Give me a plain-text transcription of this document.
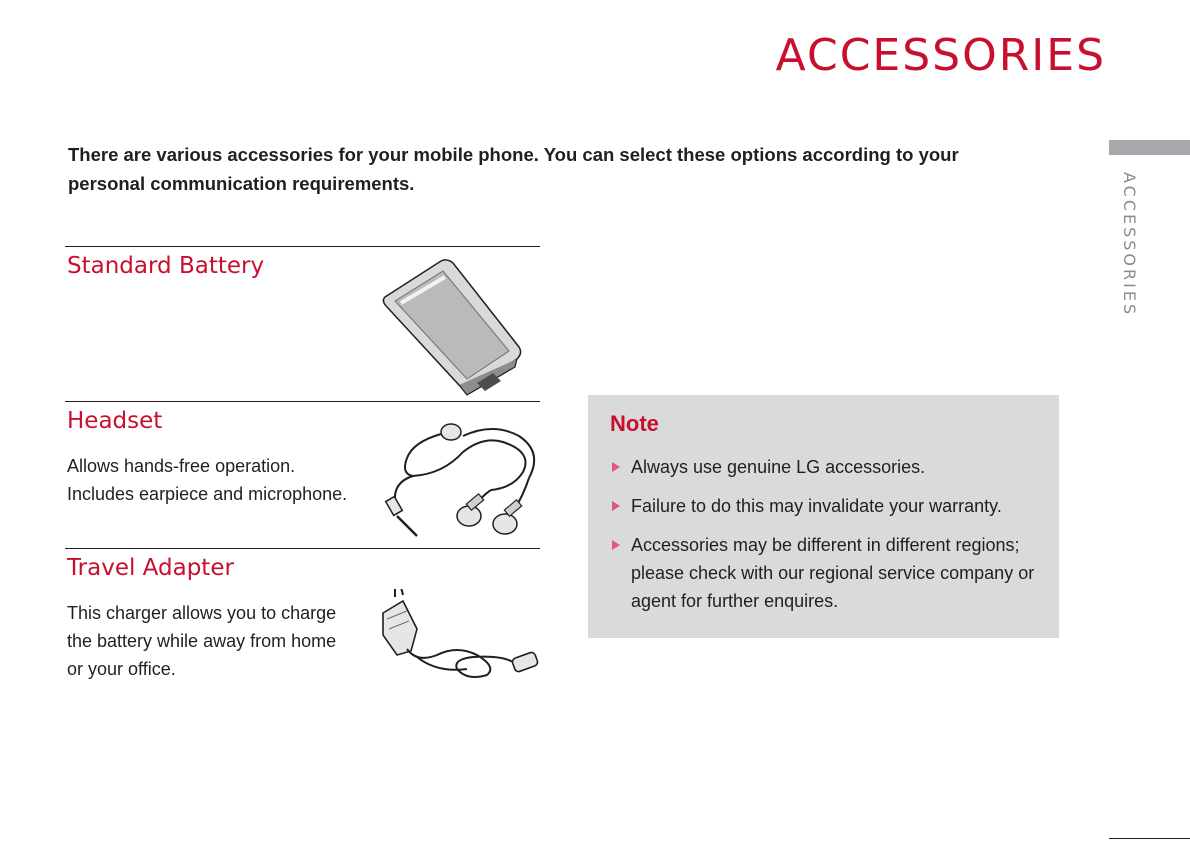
ACCESSORIES
ACCESSORIES
There are various accessories for your mobile phone. You can select these options according to your personal communication requirements.
Standard Battery
Headset
Allows hands-free operation.
Includes earpiece and microphone.
Travel Adapter
This charger allows you to charge
the battery while away from home
or your office.
Note
Always use genuine LG accessories.
Failure to do this may invalidate your warranty.
Accessories may be different in different regions; please check with our regional service company or agent for further enquires.
